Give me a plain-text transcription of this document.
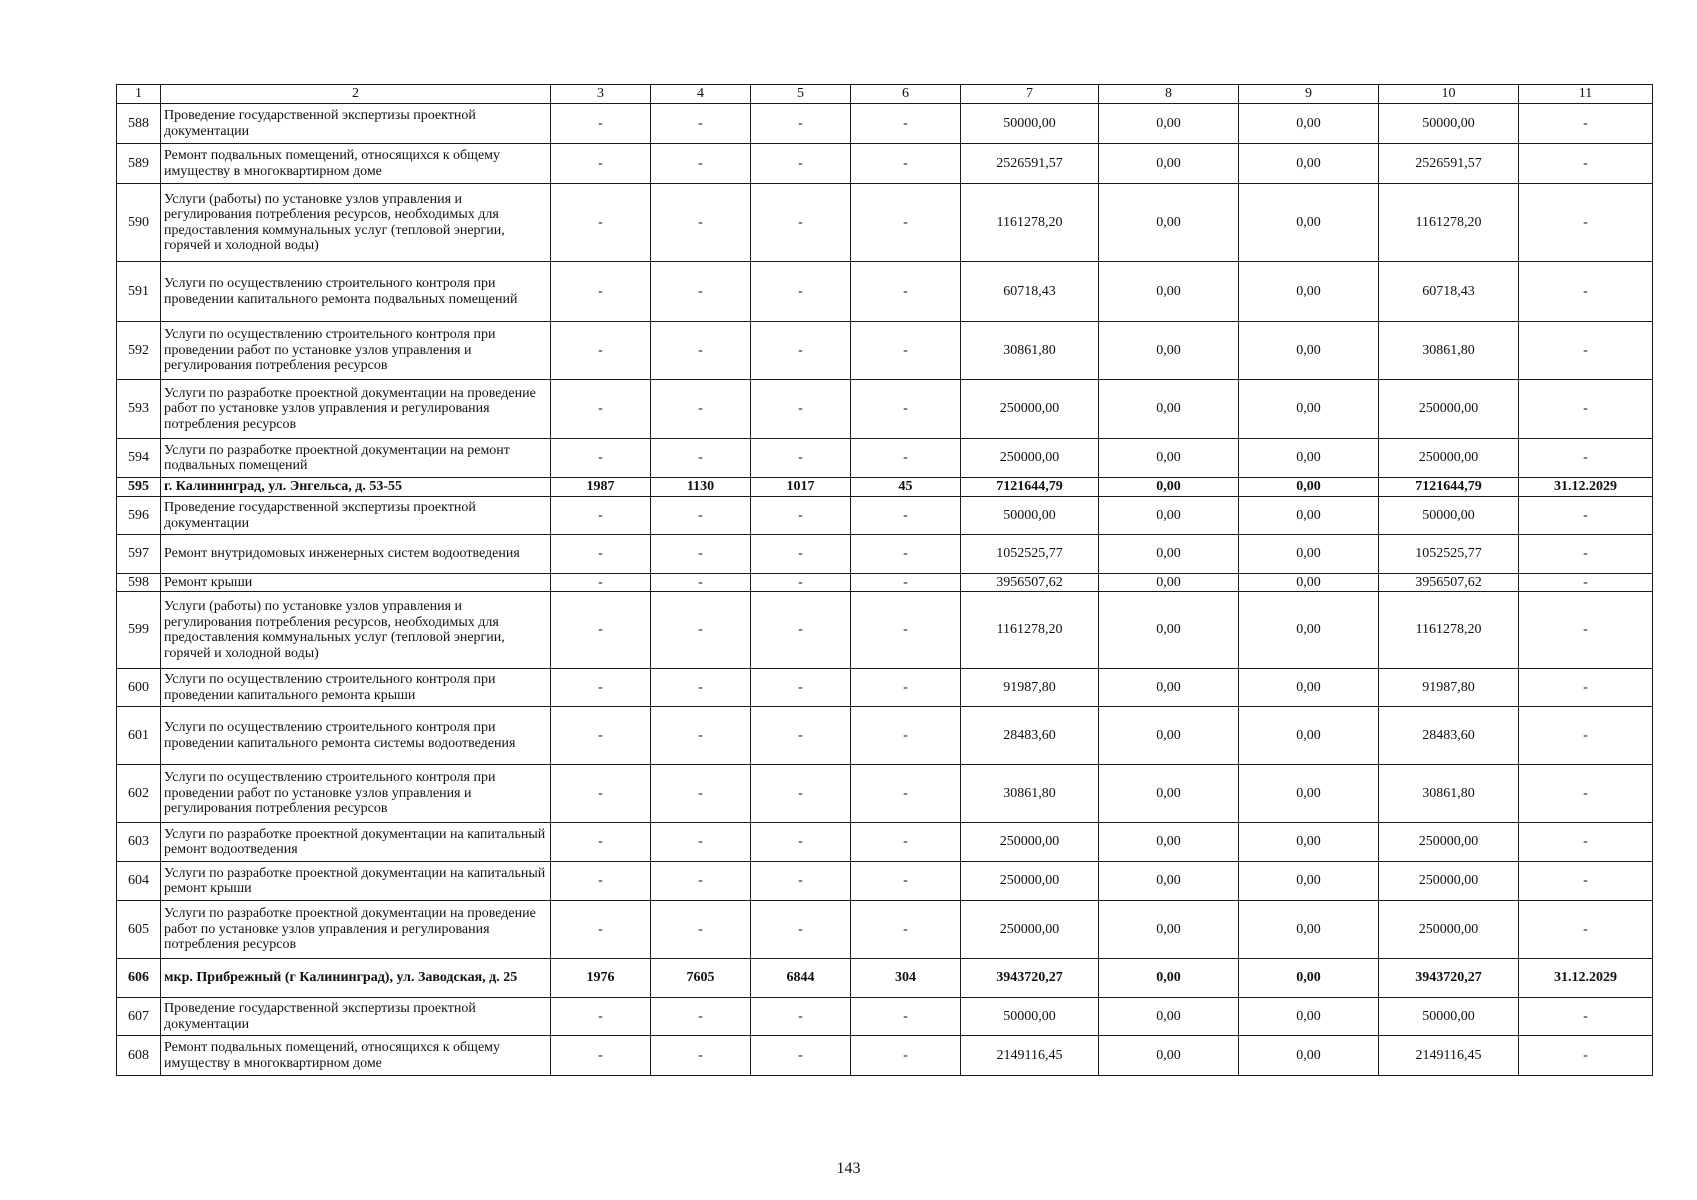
1	2	3	4	5	6	7	8	9	10	11
588	Проведение государственной экспертизы проектной документации	-	-	-	-	50000,00	0,00	0,00	50000,00	-
589	Ремонт подвальных помещений, относящихся к общему имуществу в многоквартирном доме	-	-	-	-	2526591,57	0,00	0,00	2526591,57	-
590	Услуги (работы) по установке узлов управления и регулирования потребления ресурсов, необходимых для предоставления коммунальных услуг (тепловой энергии, горячей и холодной воды)	-	-	-	-	1161278,20	0,00	0,00	1161278,20	-
591	Услуги по осуществлению строительного контроля при проведении капитального ремонта подвальных помещений	-	-	-	-	60718,43	0,00	0,00	60718,43	-
592	Услуги по осуществлению строительного контроля при проведении работ по установке узлов управления и регулирования потребления ресурсов	-	-	-	-	30861,80	0,00	0,00	30861,80	-
593	Услуги по разработке проектной документации на проведение работ по установке узлов управления и регулирования потребления ресурсов	-	-	-	-	250000,00	0,00	0,00	250000,00	-
594	Услуги по разработке проектной документации на ремонт подвальных помещений	-	-	-	-	250000,00	0,00	0,00	250000,00	-
595	г. Калининград, ул. Энгельса, д. 53-55	1987	1130	1017	45	7121644,79	0,00	0,00	7121644,79	31.12.2029
596	Проведение государственной экспертизы проектной документации	-	-	-	-	50000,00	0,00	0,00	50000,00	-
597	Ремонт внутридомовых инженерных систем водоотведения	-	-	-	-	1052525,77	0,00	0,00	1052525,77	-
598	Ремонт крыши	-	-	-	-	3956507,62	0,00	0,00	3956507,62	-
599	Услуги (работы) по установке узлов управления и регулирования потребления ресурсов, необходимых для предоставления коммунальных услуг (тепловой энергии, горячей и холодной воды)	-	-	-	-	1161278,20	0,00	0,00	1161278,20	-
600	Услуги по осуществлению строительного контроля при проведении капитального ремонта крыши	-	-	-	-	91987,80	0,00	0,00	91987,80	-
601	Услуги по осуществлению строительного контроля при проведении капитального ремонта системы водоотведения	-	-	-	-	28483,60	0,00	0,00	28483,60	-
602	Услуги по осуществлению строительного контроля при проведении работ по установке узлов управления и регулирования потребления ресурсов	-	-	-	-	30861,80	0,00	0,00	30861,80	-
603	Услуги по разработке проектной документации на капитальный ремонт водоотведения	-	-	-	-	250000,00	0,00	0,00	250000,00	-
604	Услуги по разработке проектной документации на капитальный ремонт крыши	-	-	-	-	250000,00	0,00	0,00	250000,00	-
605	Услуги по разработке проектной документации на проведение работ по установке узлов управления и регулирования потребления ресурсов	-	-	-	-	250000,00	0,00	0,00	250000,00	-
606	мкр. Прибрежный (г Калининград), ул. Заводская, д. 25	1976	7605	6844	304	3943720,27	0,00	0,00	3943720,27	31.12.2029
607	Проведение государственной экспертизы проектной документации	-	-	-	-	50000,00	0,00	0,00	50000,00	-
608	Ремонт подвальных помещений, относящихся к общему имуществу в многоквартирном доме	-	-	-	-	2149116,45	0,00	0,00	2149116,45	-
143
